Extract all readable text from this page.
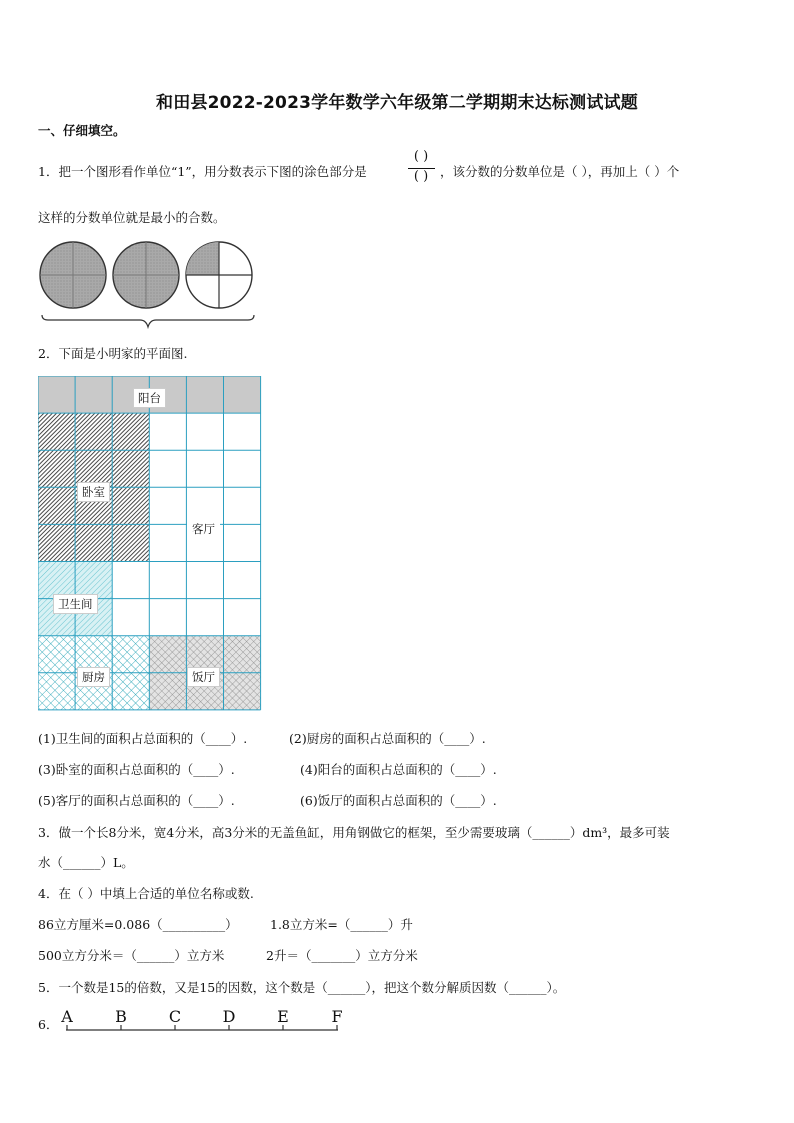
和田县2022-2023学年数学六年级第二学期期末达标测试试题
一、仔细填空。
1．把一个图形看作单位“1”，用分数表示下图的涂色部分是
( )
( ) ，该分数的分数单位是（ ），再加上（ ）个
这样的分数单位就是最小的合数。
2．下面是小明家的平面图.
阳台
卧室
客厅
卫生间
厨房	饭厅
(1)卫生间的面积占总面积的（____）.	(2)厨房的面积占总面积的（____）.
(3)卧室的面积占总面积的（____）.	(4)阳台的面积占总面积的（____）.
(5)客厅的面积占总面积的（____）.	(6)饭厅的面积占总面积的（____）.
3．做一个长8分米，宽4分米，高3分米的无盖鱼缸，用角钢做它的框架，至少需要玻璃（______）dm³，最多可装
水（______）L。
4．在（ ）中填上合适的单位名称或数.
86立方厘米=0.086（__________）	1.8立方米=（______）升
500立方分米＝（______）立方米	2升＝（_______）立方分米
5．一个数是15的倍数，又是15的因数，这个数是（______），把这个数分解质因数（______）。
6． A	B	C	D	E	F
